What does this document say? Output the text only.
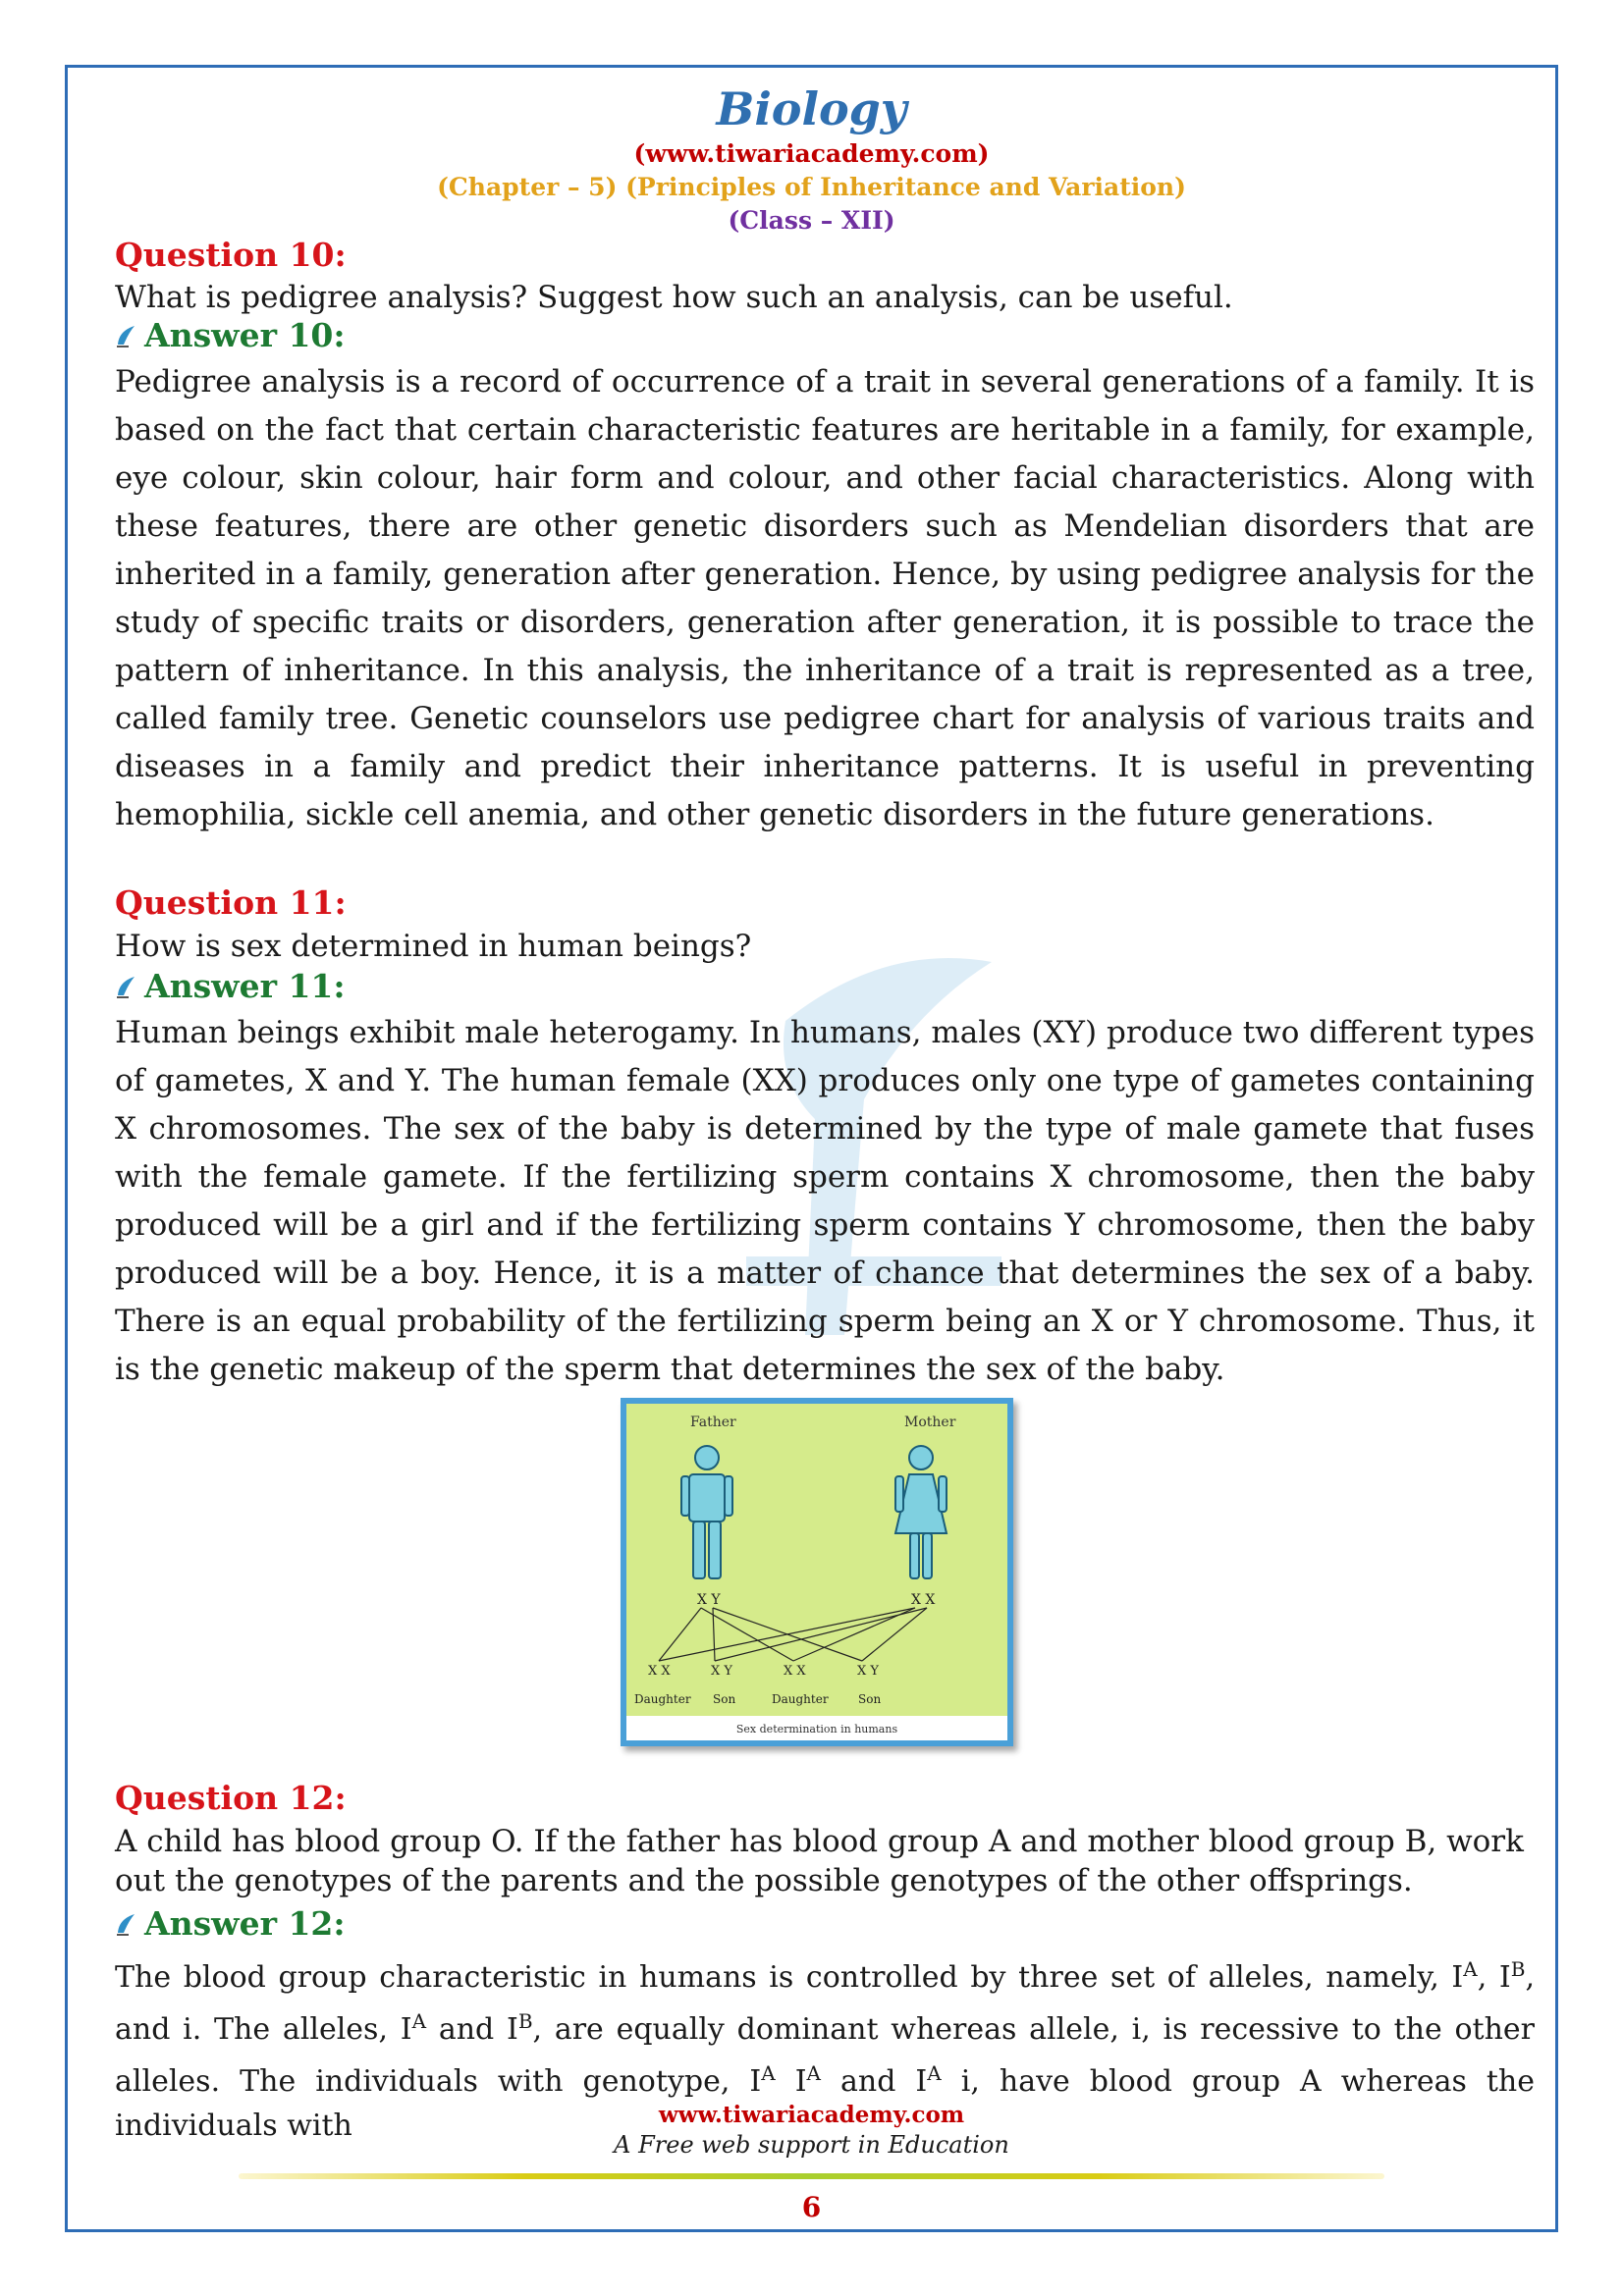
Biology
(www.tiwariacademy.com)
(Chapter – 5) (Principles of Inheritance and Variation)
(Class – XII)
Question 10:
What is pedigree analysis? Suggest how such an analysis, can be useful.
Answer 10:
Pedigree analysis is a record of occurrence of a trait in several generations of a family. It is based on the fact that certain characteristic features are heritable in a family, for example, eye colour, skin colour, hair form and colour, and other facial characteristics. Along with these features, there are other genetic disorders such as Mendelian disorders that are inherited in a family, generation after generation. Hence, by using pedigree analysis for the study of specific traits or disorders, generation after generation, it is possible to trace the pattern of inheritance. In this analysis, the inheritance of a trait is represented as a tree, called family tree. Genetic counselors use pedigree chart for analysis of various traits and diseases in a family and predict their inheritance patterns. It is useful in preventing hemophilia, sickle cell anemia, and other genetic disorders in the future generations.
Question 11:
How is sex determined in human beings?
Answer 11:
Human beings exhibit male heterogamy. In humans, males (XY) produce two different types of gametes, X and Y. The human female (XX) produces only one type of gametes containing X chromosomes. The sex of the baby is determined by the type of male gamete that fuses with the female gamete. If the fertilizing sperm contains X chromosome, then the baby produced will be a girl and if the fertilizing sperm contains Y chromosome, then the baby produced will be a boy. Hence, it is a matter of chance that determines the sex of a baby. There is an equal probability of the fertilizing sperm being an X or Y chromosome. Thus, it is the genetic makeup of the sperm that determines the sex of the baby.
Father	Mother
X Y	X X
X X	X Y	X X	X Y
Daughter Son	Daughter	Son
Sex determination in humans
Question 12:
A child has blood group O. If the father has blood group A and mother blood group B, work
out the genotypes of the parents and the possible genotypes of the other offsprings.
Answer 12:
The blood group characteristic in humans is controlled by three set of alleles, namely, $I^A$, $I^B$, and i. The alleles, $I^A$ and $I^B$, are equally dominant whereas allele, i, is recessive to the other alleles. The individuals with genotype, $I^A$ $I^A$ and $I^A$ i, have blood group A whereas the individuals with	www.tiwariacademy.com
A Free web support in Education
6
